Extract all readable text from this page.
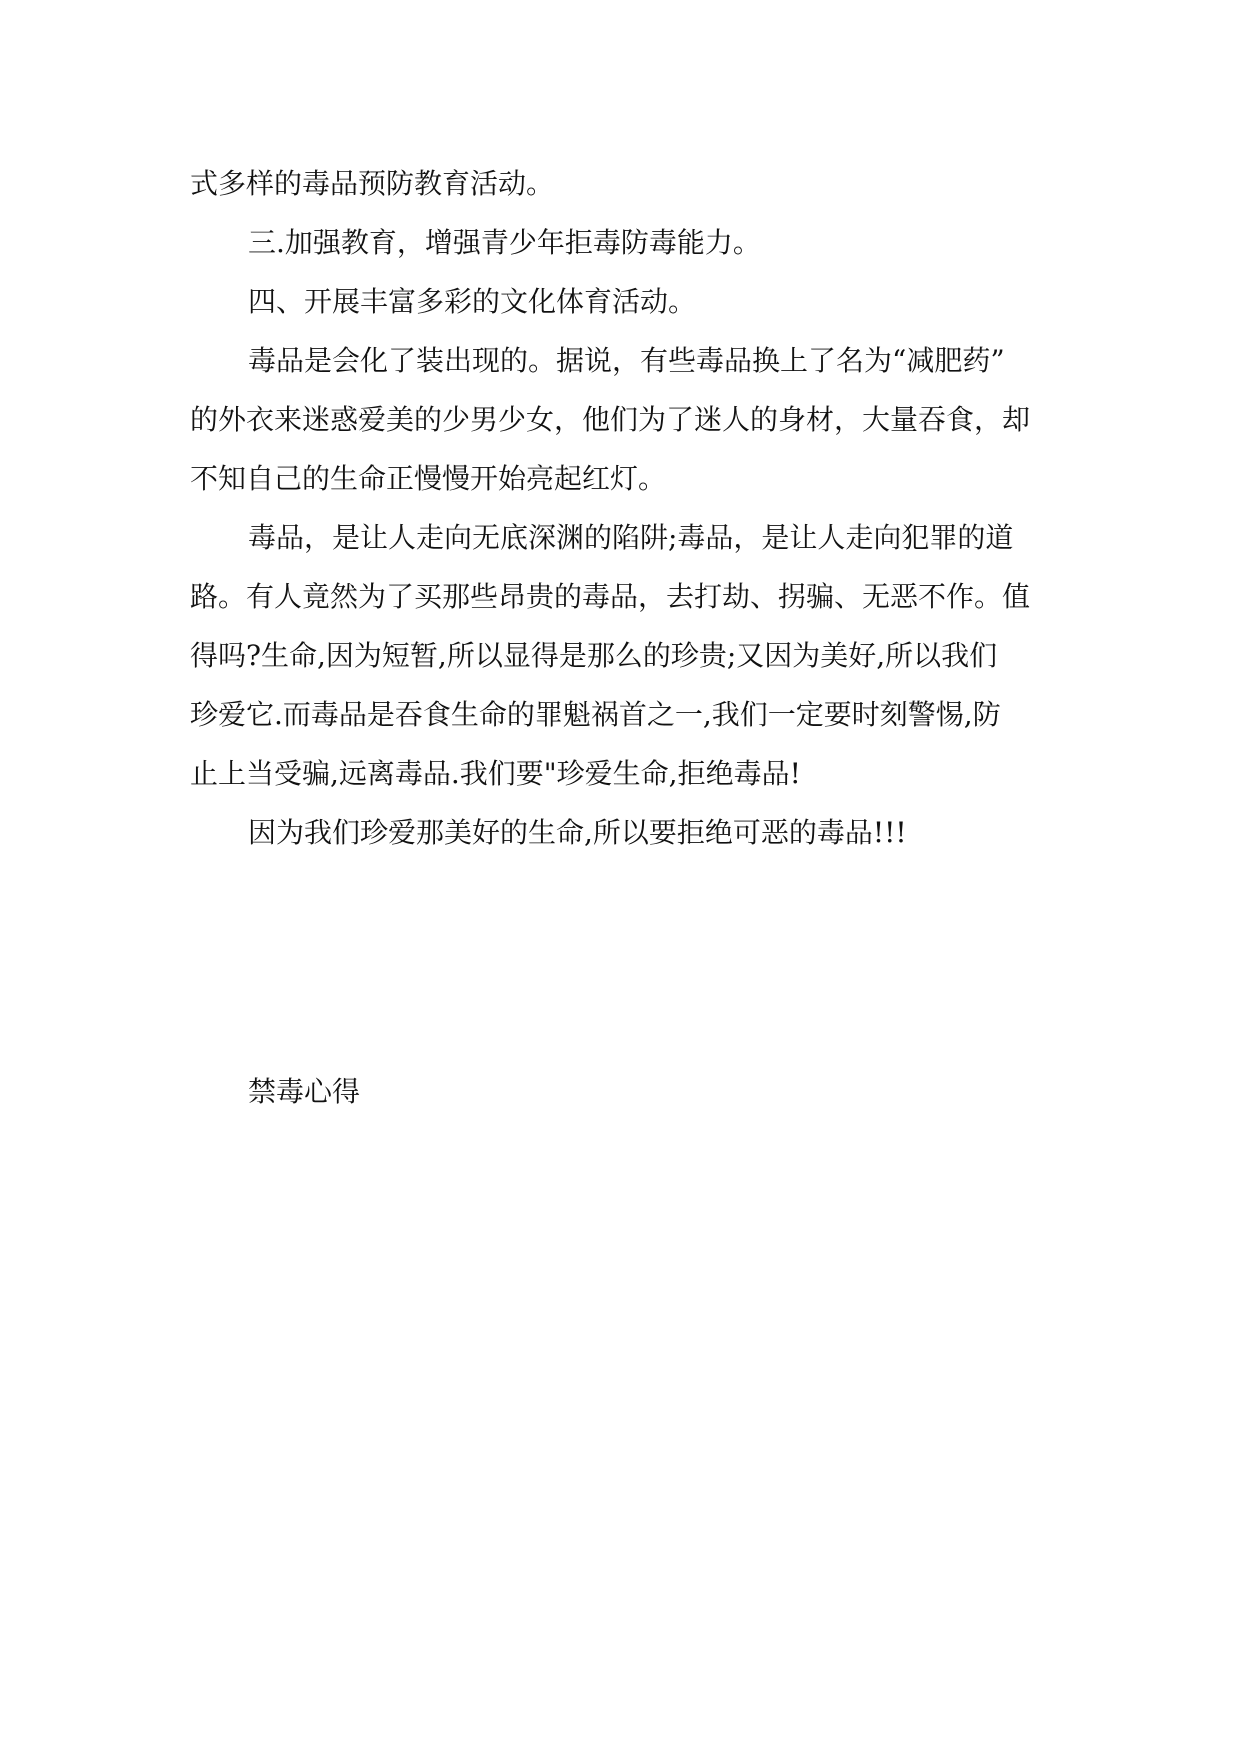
式多样的毒品预防教育活动。

三.加强教育，增强青少年拒毒防毒能力。

四、开展丰富多彩的文化体育活动。

毒品是会化了装出现的。据说，有些毒品换上了名为“减肥药”
的外衣来迷惑爱美的少男少女，他们为了迷人的身材，大量吞食，却
不知自己的生命正慢慢开始亮起红灯。

毒品，是让人走向无底深渊的陷阱;毒品，是让人走向犯罪的道
路。有人竟然为了买那些昂贵的毒品，去打劫、拐骗、无恶不作。值
得吗?生命,因为短暂,所以显得是那么的珍贵;又因为美好,所以我们
珍爱它.而毒品是吞食生命的罪魁祸首之一,我们一定要时刻警惕,防
止上当受骗,远离毒品.我们要"珍爱生命,拒绝毒品!

因为我们珍爱那美好的生命,所以要拒绝可恶的毒品!!!

禁毒心得
